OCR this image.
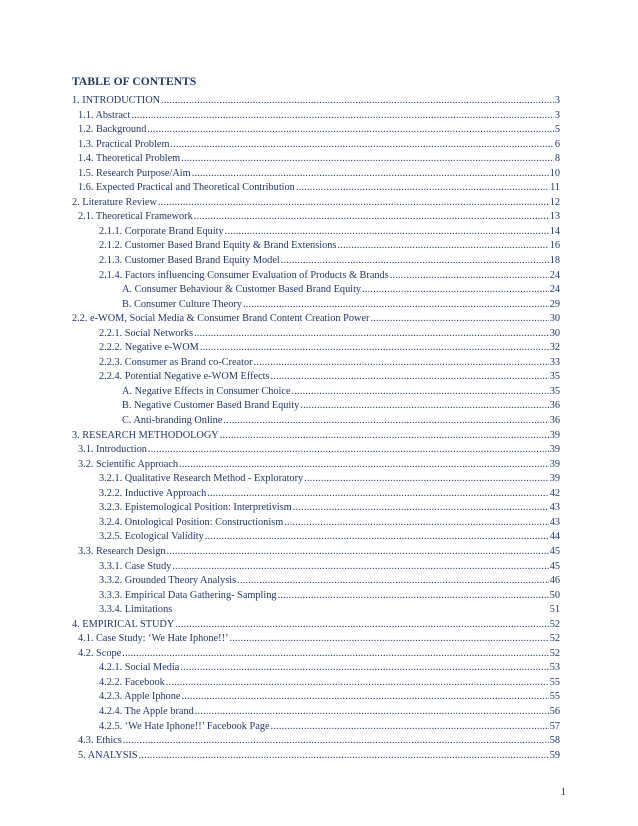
TABLE OF CONTENTS
1. INTRODUCTION .....	3
1.1. Abstract .....	3
1.2. Background .....	5
1.3. Practical Problem .....	6
1.4. Theoretical Problem .....	8
1.5. Research Purpose/Aim .....	10
1.6. Expected Practical and Theoretical Contribution .....	11
2. Literature Review .....	12
2.1. Theoretical Framework .....	13
2.1.1. Corporate Brand Equity .....	14
2.1.2. Customer Based Brand Equity & Brand Extensions .....	16
2.1.3. Customer Based Brand Equity Model .....	18
2.1.4. Factors influencing Consumer Evaluation of Products & Brands .....	24
A. Consumer Behaviour & Customer Based Brand Equity .....	24
B. Consumer Culture Theory .....	29
2.2. e-WOM, Social Media & Consumer Brand Content Creation Power .....	30
2.2.1. Social Networks .....	30
2.2.2. Negative e-WOM .....	32
2.2.3. Consumer as Brand co-Creator .....	33
2.2.4. Potential Negative e-WOM Effects .....	35
A. Negative Effects in Consumer Choice .....	35
B. Negative Customer Based Brand Equity .....	36
C. Anti-branding Online .....	36
3. RESEARCH METHODOLOGY .....	39
3.1. Introduction .....	39
3.2. Scientific Approach .....	39
3.2.1. Qualitative Research Method - Exploratory .....	39
3.2.2. Inductive Approach .....	42
3.2.3. Epistemological Position: Interpretivism .....	43
3.2.4. Ontological Position: Constructionism .....	43
3.2.5. Ecological Validity .....	44
3.3. Research Design .....	45
3.3.1. Case Study .....	45
3.3.2. Grounded Theory Analysis .....	46
3.3.3. Empirical Data Gathering- Sampling .....	50
3.3.4. Limitations	51
4. EMPIRICAL STUDY .....	52
4.1. Case Study: ‘We Hate Iphone!!’ .....	52
4.2. Scope .....	52
4.2.1. Social Media .....	53
4.2.2. Facebook .....	55
4.2.3. Apple Iphone .....	55
4.2.4. The Apple brand .....	56
4.2.5. ‘We Hate Iphone!!’ Facebook Page .....	57
4.3. Ethics .....	58
5. ANALYSIS .....	59
1
